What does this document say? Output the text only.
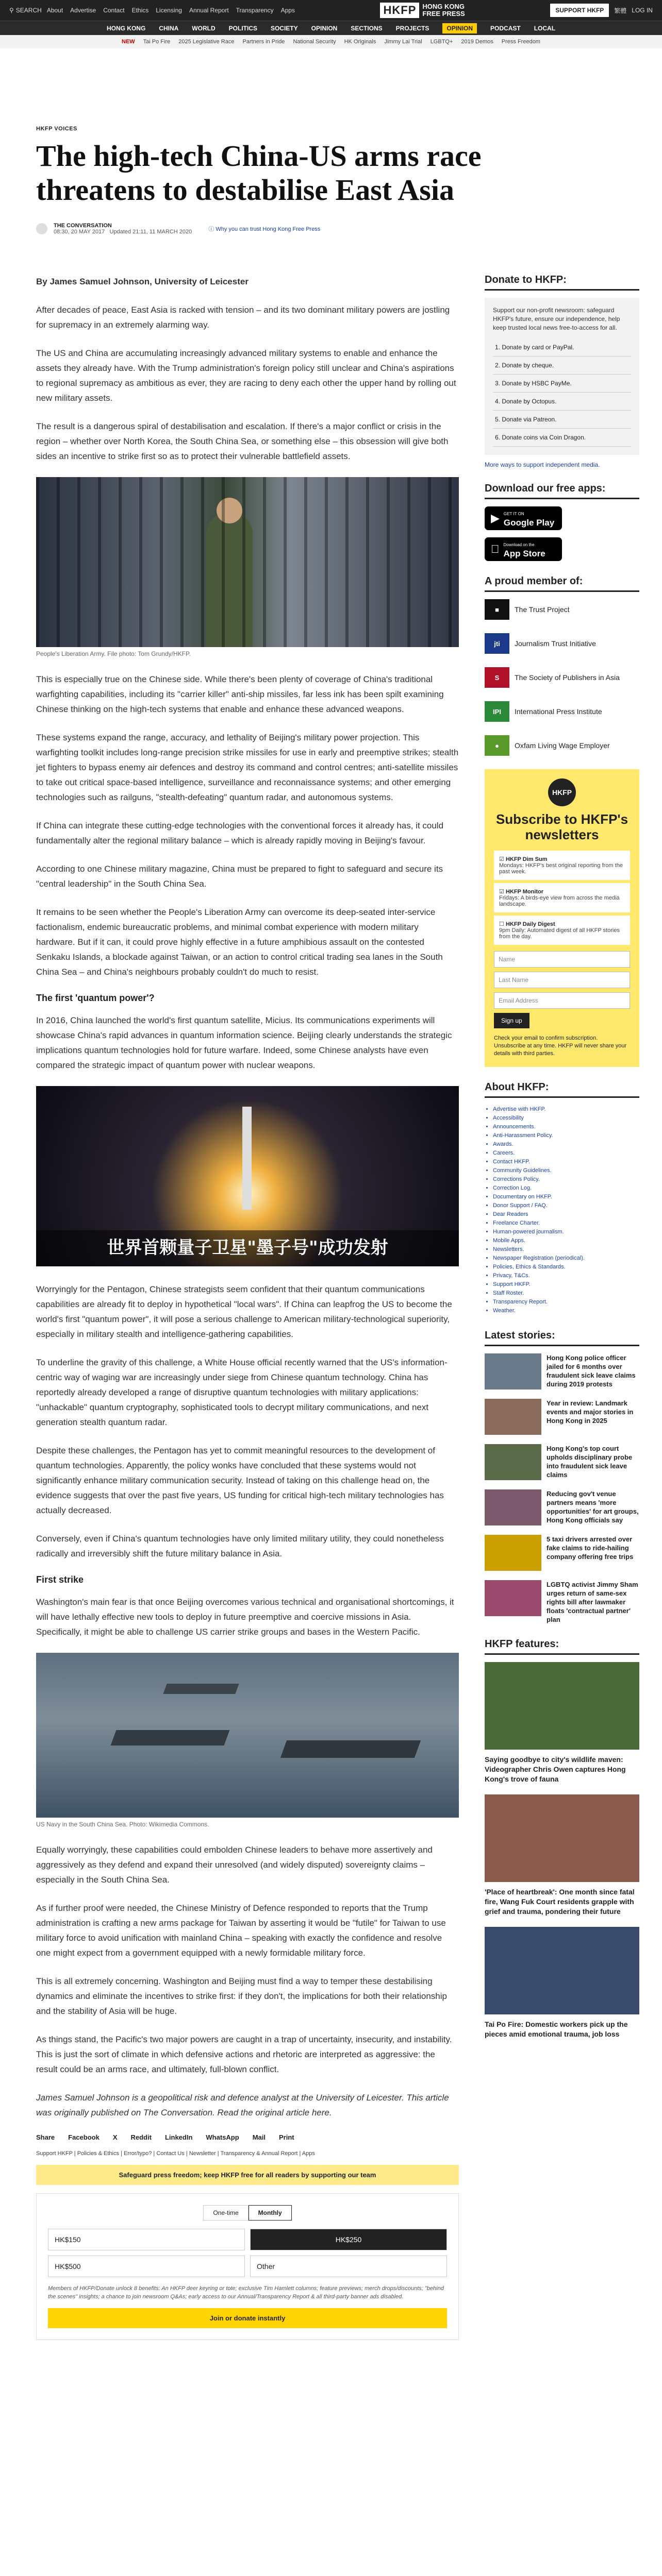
⚲ SEARCH About Advertise Contact Ethics Licensing Annual Report Transparency Apps	HKFP HONG KONG
FREE PRESS	SUPPORT HKFP	繁體 LOG IN
HONG KONG CHINA WORLD POLITICS SOCIETY OPINION SECTIONS PROJECTS	OPINION	PODCAST LOCAL
NEW Tai Po Fire 2025 Legislative Race Partners in Pride National Security HK Originals Jimmy Lai Trial LGBTQ+ 2019 Demos Press Freedom
HKFP VOICES
The high-tech China-US arms race threatens to destabilise East Asia
THE CONVERSATION
08:30, 20 MAY 2017 Updated 21:11, 11 MARCH 2020	ⓘ Why you can trust Hong Kong Free Press

By James Samuel Johnson, University of Leicester

After decades of peace, East Asia is racked with tension – and its two dominant military powers are jostling for supremacy in an extremely alarming way.

The US and China are accumulating increasingly advanced military systems to enable and enhance the assets they already have. With the Trump administration's foreign policy still unclear and China's aspirations to regional supremacy as ambitious as ever, they are racing to deny each other the upper hand by rolling out new military assets.

The result is a dangerous spiral of destabilisation and escalation. If there's a major conflict or crisis in the region – whether over North Korea, the South China Sea, or something else – this obsession will give both sides an incentive to strike first so as to protect their vulnerable battlefield assets.

People's Liberation Army. File photo: Tom Grundy/HKFP.

This is especially true on the Chinese side. While there's been plenty of coverage of China's traditional warfighting capabilities, including its "carrier killer" anti-ship missiles, far less ink has been spilt examining Chinese thinking on the high-tech systems that enable and enhance these advanced weapons.

These systems expand the range, accuracy, and lethality of Beijing's military power projection. This warfighting toolkit includes long-range precision strike missiles for use in early and preemptive strikes; stealth jet fighters to bypass enemy air defences and destroy its command and control centres; anti-satellite missiles to take out critical space-based intelligence, surveillance and reconnaissance systems; and other emerging technologies such as railguns, "stealth-defeating" quantum radar, and autonomous systems.

If China can integrate these cutting-edge technologies with the conventional forces it already has, it could fundamentally alter the regional military balance – which is already rapidly moving in Beijing's favour.

According to one Chinese military magazine, China must be prepared to fight to safeguard and secure its "central leadership" in the South China Sea.

It remains to be seen whether the People's Liberation Army can overcome its deep-seated inter-service factionalism, endemic bureaucratic problems, and minimal combat experience with modern military hardware. But if it can, it could prove highly effective in a future amphibious assault on the contested Senkaku Islands, a blockade against Taiwan, or an action to control critical trading sea lanes in the South China Sea – and China's neighbours probably couldn't do much to resist.

The first 'quantum power'?

In 2016, China launched the world's first quantum satellite, Micius. Its communications experiments will showcase China's rapid advances in quantum information science. Beijing clearly understands the strategic implications quantum technologies hold for future warfare. Indeed, some Chinese analysts have even compared the strategic impact of quantum power with nuclear weapons.

世界首颗量子卫星"墨子号"成功发射

Worryingly for the Pentagon, Chinese strategists seem confident that their quantum communications capabilities are already fit to deploy in hypothetical "local wars". If China can leapfrog the US to become the world's first "quantum power", it will pose a serious challenge to American military-technological superiority, especially in military stealth and intelligence-gathering capabilities.

To underline the gravity of this challenge, a White House official recently warned that the US's information-centric way of waging war are increasingly under siege from Chinese quantum technology. China has reportedly already developed a range of disruptive quantum technologies with military applications: "unhackable" quantum cryptography, sophisticated tools to decrypt military communications, and next generation stealth quantum radar.

Despite these challenges, the Pentagon has yet to commit meaningful resources to the development of quantum technologies. Apparently, the policy wonks have concluded that these systems would not significantly enhance military communication security. Instead of taking on this challenge head on, the evidence suggests that over the past five years, US funding for critical high-tech military technologies has actually decreased.

Conversely, even if China's quantum technologies have only limited military utility, they could nonetheless radically and irreversibly shift the future military balance in Asia.

First strike

Washington's main fear is that once Beijing overcomes various technical and organisational shortcomings, it will have lethally effective new tools to deploy in future preemptive and coercive missions in Asia. Specifically, it might be able to challenge US carrier strike groups and bases in the Western Pacific.

US Navy in the South China Sea. Photo: Wikimedia Commons.

Equally worryingly, these capabilities could embolden Chinese leaders to behave more assertively and aggressively as they defend and expand their unresolved (and widely disputed) sovereignty claims – especially in the South China Sea.

As if further proof were needed, the Chinese Ministry of Defence responded to reports that the Trump administration is crafting a new arms package for Taiwan by asserting it would be "futile" for Taiwan to use military force to avoid unification with mainland China – speaking with exactly the confidence and resolve one might expect from a government equipped with a newly formidable military force.

This is all extremely concerning. Washington and Beijing must find a way to temper these destabilising dynamics and eliminate the incentives to strike first: if they don't, the implications for both their relationship and the stability of Asia will be huge.

As things stand, the Pacific's two major powers are caught in a trap of uncertainty, insecurity, and instability. This is just the sort of climate in which defensive actions and rhetoric are interpreted as aggressive: the result could be an arms race, and ultimately, full-blown conflict.

James Samuel Johnson is a geopolitical risk and defence analyst at the University of Leicester. This article was originally published on The Conversation. Read the original article here.

Share Facebook X Reddit LinkedIn WhatsApp Mail Print
Support HKFP | Policies & Ethics | Error/typo? | Contact Us | Newsletter | Transparency & Annual Report | Apps
Safeguard press freedom; keep HKFP free for all readers by supporting our team
One-time	Monthly
HK$150	HK$250
HK$500	Other
Members of HKFP/Donate unlock 8 benefits: An HKFP deer keyring or tote; exclusive Tim Hamlett columns; feature previews; merch drops/discounts; "behind the scenes" insights; a chance to join newsroom Q&As; early access to our Annual/Transparency Report & all third-party banner ads disabled.
Join or donate instantly
Donate to HKFP:

Support our non-profit newsroom: safeguard HKFP's future, ensure our independence, help keep trusted local news free-to-access for all.

1. Donate by card or PayPal.
2. Donate by cheque.
3. Donate by HSBC PayMe.
4. Donate by Octopus.
5. Donate via Patreon.
6. Donate coins via Coin Dragon.
More ways to support independent media.
Download our free apps:
▶ GET IT ON
Google Play
Download on the
App Store
A proud member of:
■	The Trust Project
jti	Journalism Trust Initiative
S	The Society of Publishers in Asia
IPI	International Press Institute
●	Oxfam Living Wage Employer
HKFP
Subscribe to HKFP's newsletters
☑ HKFP Dim Sum
Mondays: HKFP's best original reporting from the past week.
☑ HKFP Monitor
Fridays: A birds-eye view from across the media landscape.
☐ HKFP Daily Digest
9pm Daily: Automated digest of all HKFP stories from the day.
Name
Last Name
Email Address
Sign up
Check your email to confirm subscription. Unsubscribe at any time. HKFP will never share your details with third parties.
About HKFP:
• Advertise with HKFP.
• Accessibility
• Announcements.
• Anti-Harassment Policy.
• Awards.
• Careers.
• Contact HKFP.
• Community Guidelines.
• Corrections Policy.
• Correction Log.
• Documentary on HKFP.
• Donor Support / FAQ.
• Dear Readers
• Freelance Charter.
• Human-powered journalism.
• Mobile Apps.
• Newsletters.
• Newspaper Registration (periodical).
• Policies, Ethics & Standards.
• Privacy, T&Cs.
• Support HKFP.
• Staff Roster.
• Transparency Report.
• Weather.
Latest stories:
Hong Kong police officer jailed for 6 months over fraudulent sick leave claims during 2019 protests
Year in review: Landmark events and major stories in Hong Kong in 2025
Hong Kong's top court upholds disciplinary probe into fraudulent sick leave claims
Reducing gov't venue partners means 'more opportunities' for art groups, Hong Kong officials say
5 taxi drivers arrested over fake claims to ride-hailing company offering free trips
LGBTQ activist Jimmy Sham urges return of same-sex rights bill after lawmaker floats 'contractual partner' plan
HKFP features:
Saying goodbye to city's wildlife maven: Videographer Chris Owen captures Hong Kong's trove of fauna
'Place of heartbreak': One month since fatal fire, Wang Fuk Court residents grapple with grief and trauma, pondering their future
Tai Po Fire: Domestic workers pick up the pieces amid emotional trauma, job loss
